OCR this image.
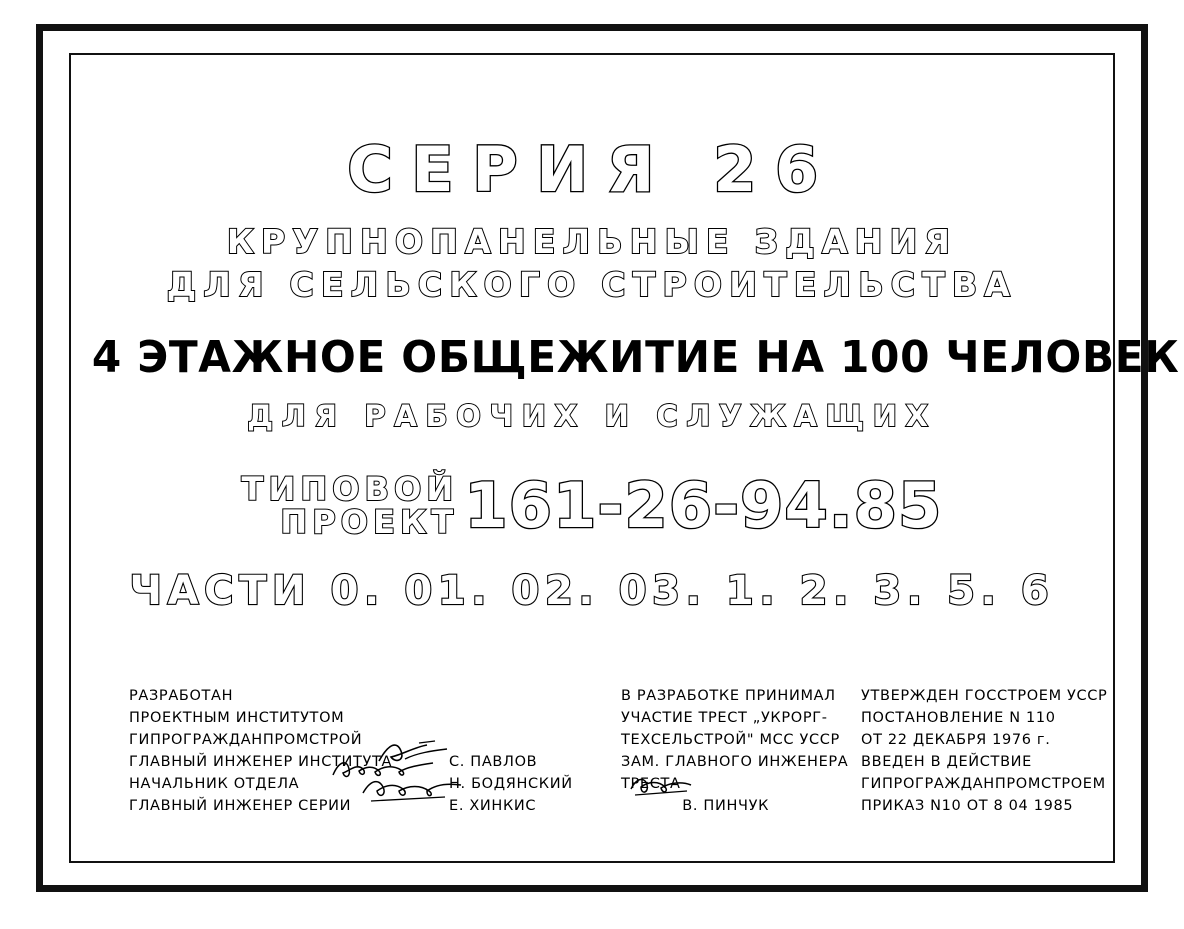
СЕРИЯ 26
КРУПНОПАНЕЛЬНЫЕ ЗДАНИЯ
ДЛЯ СЕЛЬСКОГО СТРОИТЕЛЬСТВА
4 ЭТАЖНОЕ ОБЩЕЖИТИЕ НА 100 ЧЕЛОВЕК
ДЛЯ РАБОЧИХ И СЛУЖАЩИХ
ТИПОВОЙ
ПРОЕКТ 161-26-94.85
ЧАСТИ 0. 01. 02. 03. 1. 2. 3. 5. 6
РАЗРАБОТАН
ПРОЕКТНЫМ ИНСТИТУТОМ
ГИПРОГРАЖДАНПРОМСТРОЙ
ГЛАВНЫЙ ИНЖЕНЕР ИНСТИТУТА	С. ПАВЛОВ
НАЧАЛЬНИК ОТДЕЛА	Н. БОДЯНСКИЙ
ГЛАВНЫЙ ИНЖЕНЕР СЕРИИ	Е. ХИНКИС
В РАЗРАБОТКЕ ПРИНИМАЛ
УЧАСТИЕ ТРЕСТ „УКРОРГ-
ТЕХСЕЛЬСТРОЙ" МСС УССР
ЗАМ. ГЛАВНОГО ИНЖЕНЕРА
ТРЕСТА
В. ПИНЧУК
УТВЕРЖДЕН ГОССТРОЕМ УССР
ПОСТАНОВЛЕНИЕ N 110
ОТ 22 ДЕКАБРЯ 1976 г.
ВВЕДЕН В ДЕЙСТВИЕ
ГИПРОГРАЖДАНПРОМСТРОЕМ
ПРИКАЗ N10 ОТ 8 04 1985
